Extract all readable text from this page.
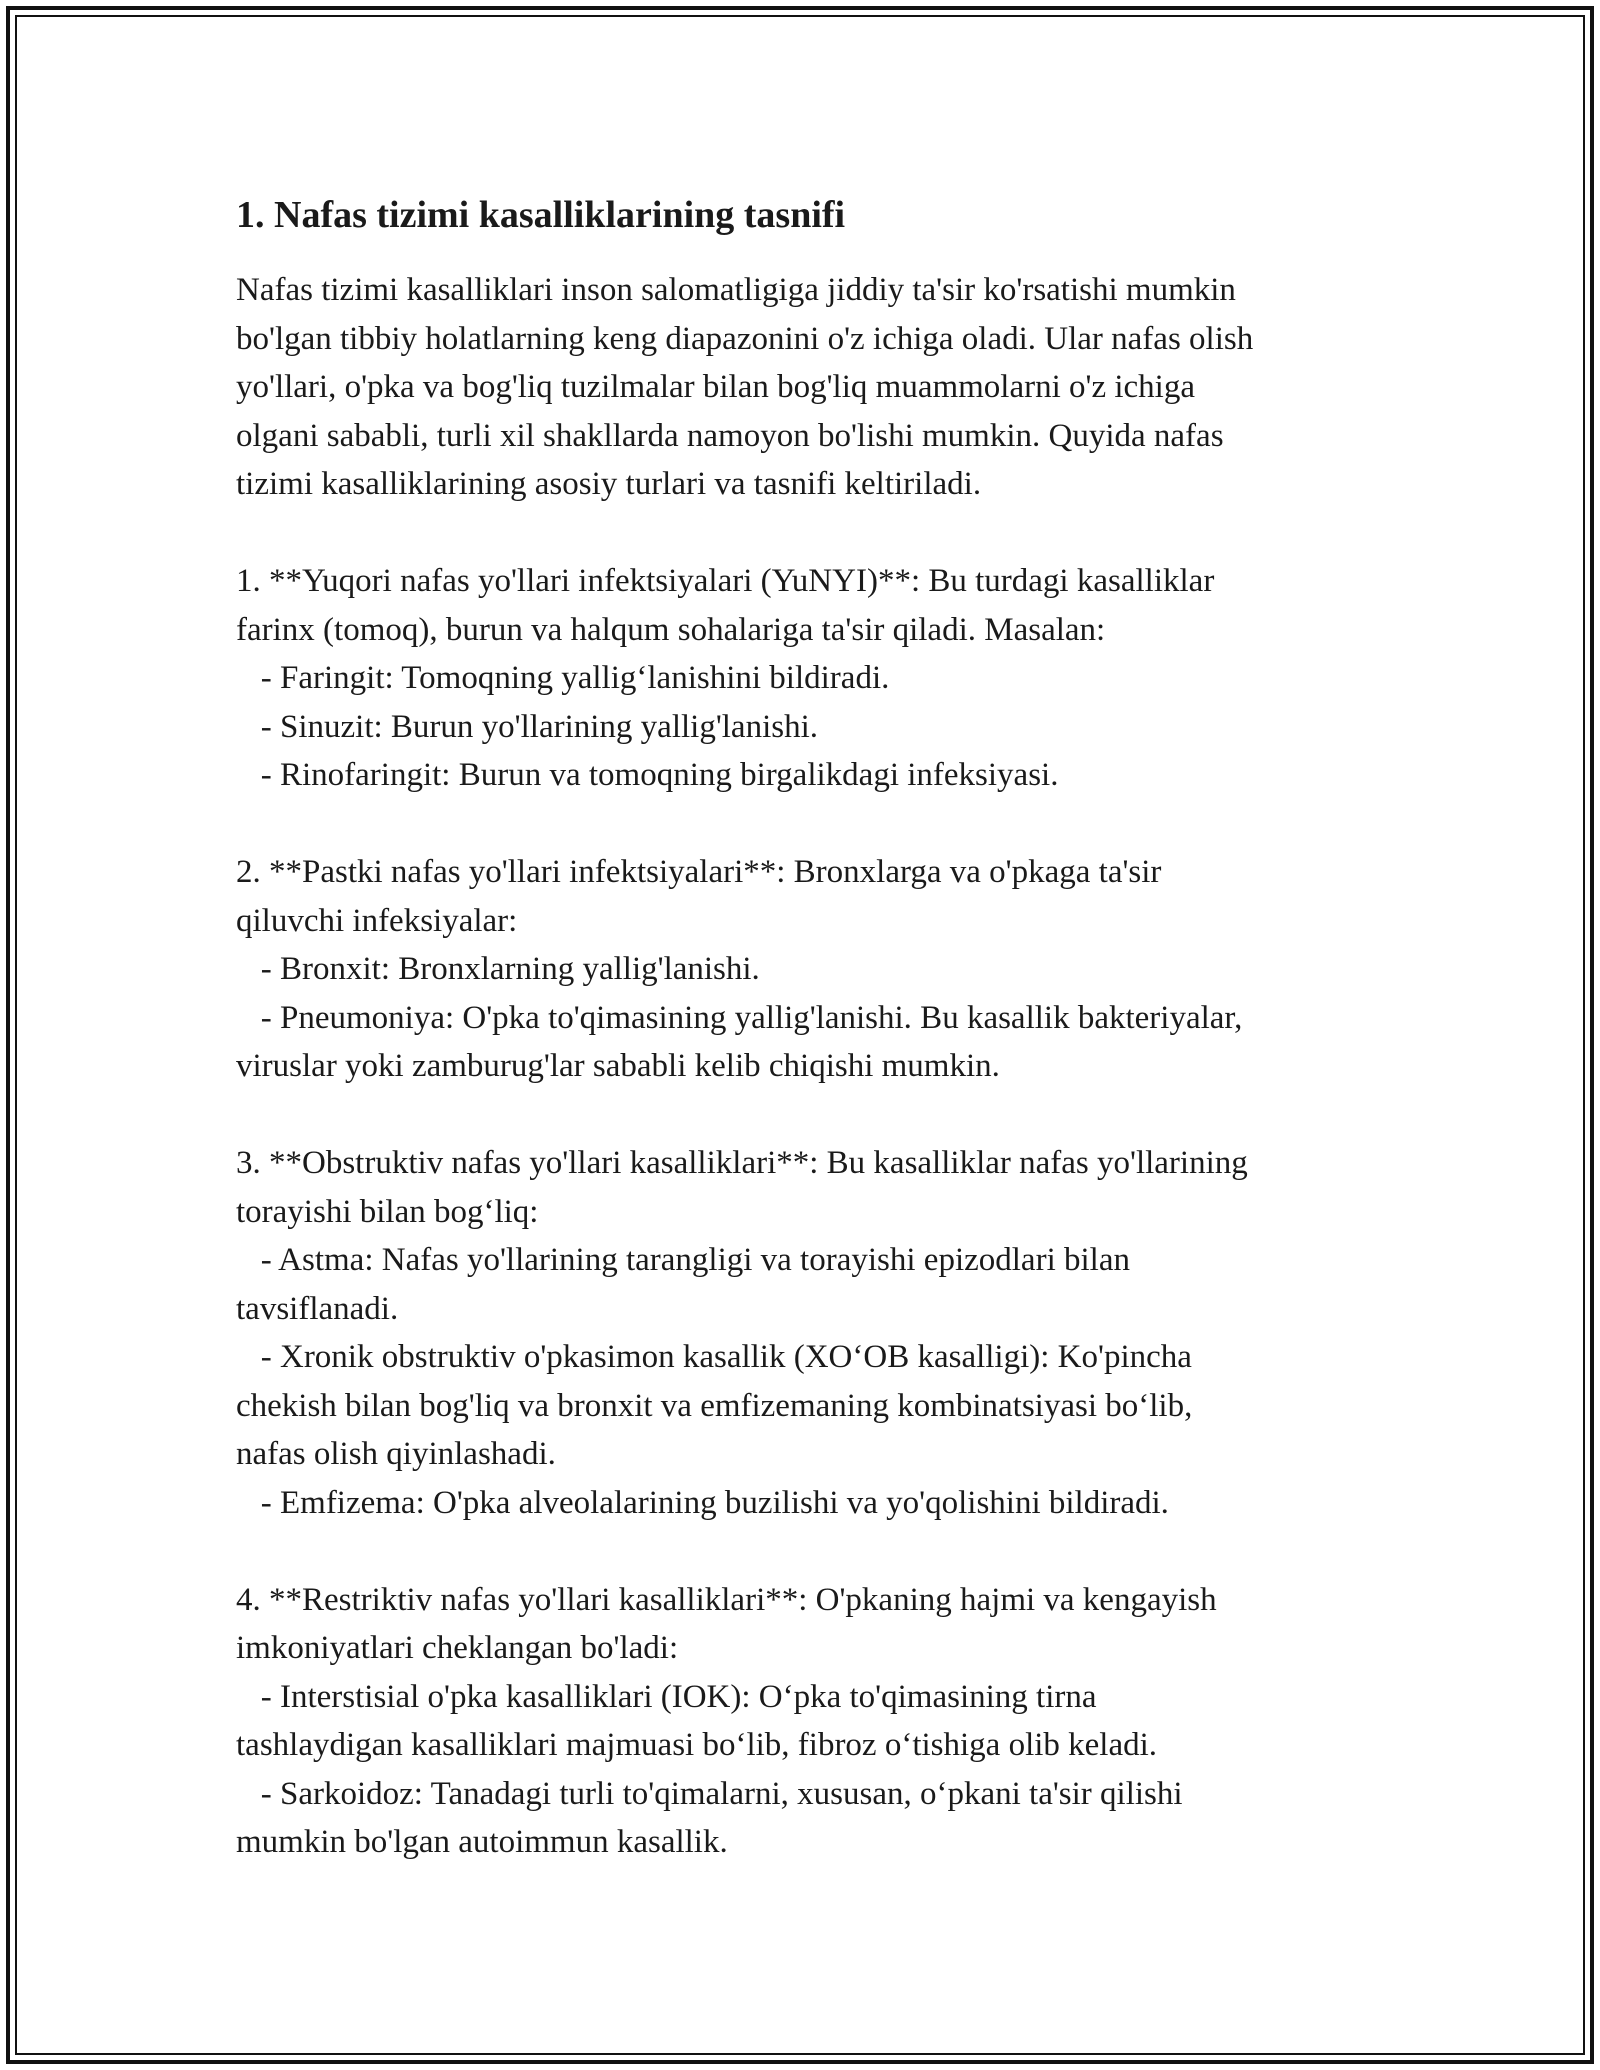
1. Nafas tizimi kasalliklarining tasnifi
Nafas tizimi kasalliklari inson salomatligiga jiddiy ta'sir ko'rsatishi mumkin
bo'lgan tibbiy holatlarning keng diapazonini o'z ichiga oladi. Ular nafas olish
yo'llari, o'pka va bog'liq tuzilmalar bilan bog'liq muammolarni o'z ichiga
olgani sababli, turli xil shakllarda namoyon bo'lishi mumkin. Quyida nafas
tizimi kasalliklarining asosiy turlari va tasnifi keltiriladi.
1. **Yuqori nafas yo'llari infektsiyalari (YuNYI)**: Bu turdagi kasalliklar
farinx (tomoq), burun va halqum sohalariga ta'sir qiladi. Masalan:
- Faringit: Tomoqning yallig‘lanishini bildiradi.
- Sinuzit: Burun yo'llarining yallig'lanishi.
- Rinofaringit: Burun va tomoqning birgalikdagi infeksiyasi.
2. **Pastki nafas yo'llari infektsiyalari**: Bronxlarga va o'pkaga ta'sir
qiluvchi infeksiyalar:
- Bronxit: Bronxlarning yallig'lanishi.
- Pneumoniya: O'pka to'qimasining yallig'lanishi. Bu kasallik bakteriyalar,
viruslar yoki zamburug'lar sababli kelib chiqishi mumkin.
3. **Obstruktiv nafas yo'llari kasalliklari**: Bu kasalliklar nafas yo'llarining
torayishi bilan bog‘liq:
- Astma: Nafas yo'llarining tarangligi va torayishi epizodlari bilan
tavsiflanadi.
- Xronik obstruktiv o'pkasimon kasallik (XO‘OB kasalligi): Ko'pincha
chekish bilan bog'liq va bronxit va emfizemaning kombinatsiyasi bo‘lib,
nafas olish qiyinlashadi.
- Emfizema: O'pka alveolalarining buzilishi va yo'qolishini bildiradi.
4. **Restriktiv nafas yo'llari kasalliklari**: O'pkaning hajmi va kengayish
imkoniyatlari cheklangan bo'ladi:
- Interstisial o'pka kasalliklari (IOK): O‘pka to'qimasining tirna
tashlaydigan kasalliklari majmuasi bo‘lib, fibroz o‘tishiga olib keladi.
- Sarkoidoz: Tanadagi turli to'qimalarni, xususan, o‘pkani ta'sir qilishi
mumkin bo'lgan autoimmun kasallik.
